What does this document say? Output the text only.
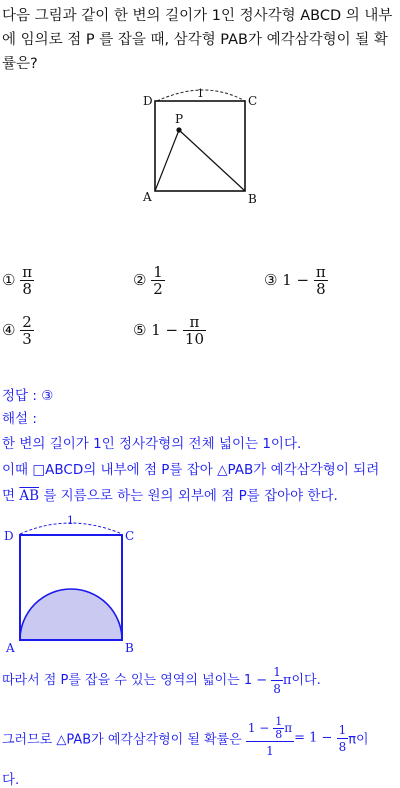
다음 그림과 같이 한 변의 길이가 1인 정사각형 ABCD 의 내부
에 임의로 점 P 를 잡을 때, 삼각형 PAB가 예각삼각형이 될 확
률은?
D	C
A	B
P
1
① $\frac{\pi}{8}$	② $\frac{1}{2}$	③ $1 - \frac{\pi}{8}$
④ $\frac{2}{3}$	⑤ $1 - \frac{\pi}{10}$
정답 : ③
해설 :
한 변의 길이가 1인 정사각형의 전체 넓이는 1이다.
이때 □ABCD의 내부에 점 P를 잡아 △PAB가 예각삼각형이 되려
면 $\overline{AB}$ 를 지름으로 하는 원의 외부에 점 P를 잡아야 한다.
D	C
A	B
1
따라서 점 P를 잡을 수 있는 영역의 넓이는 $1 - \frac{1}{8}$ π이다.
그러므로 △PAB가 예각삼각형이 될 확률은 $\frac{1 - \frac{1}{8} \pi}{1} = 1 - \frac{1}{8}$ π이
다.
